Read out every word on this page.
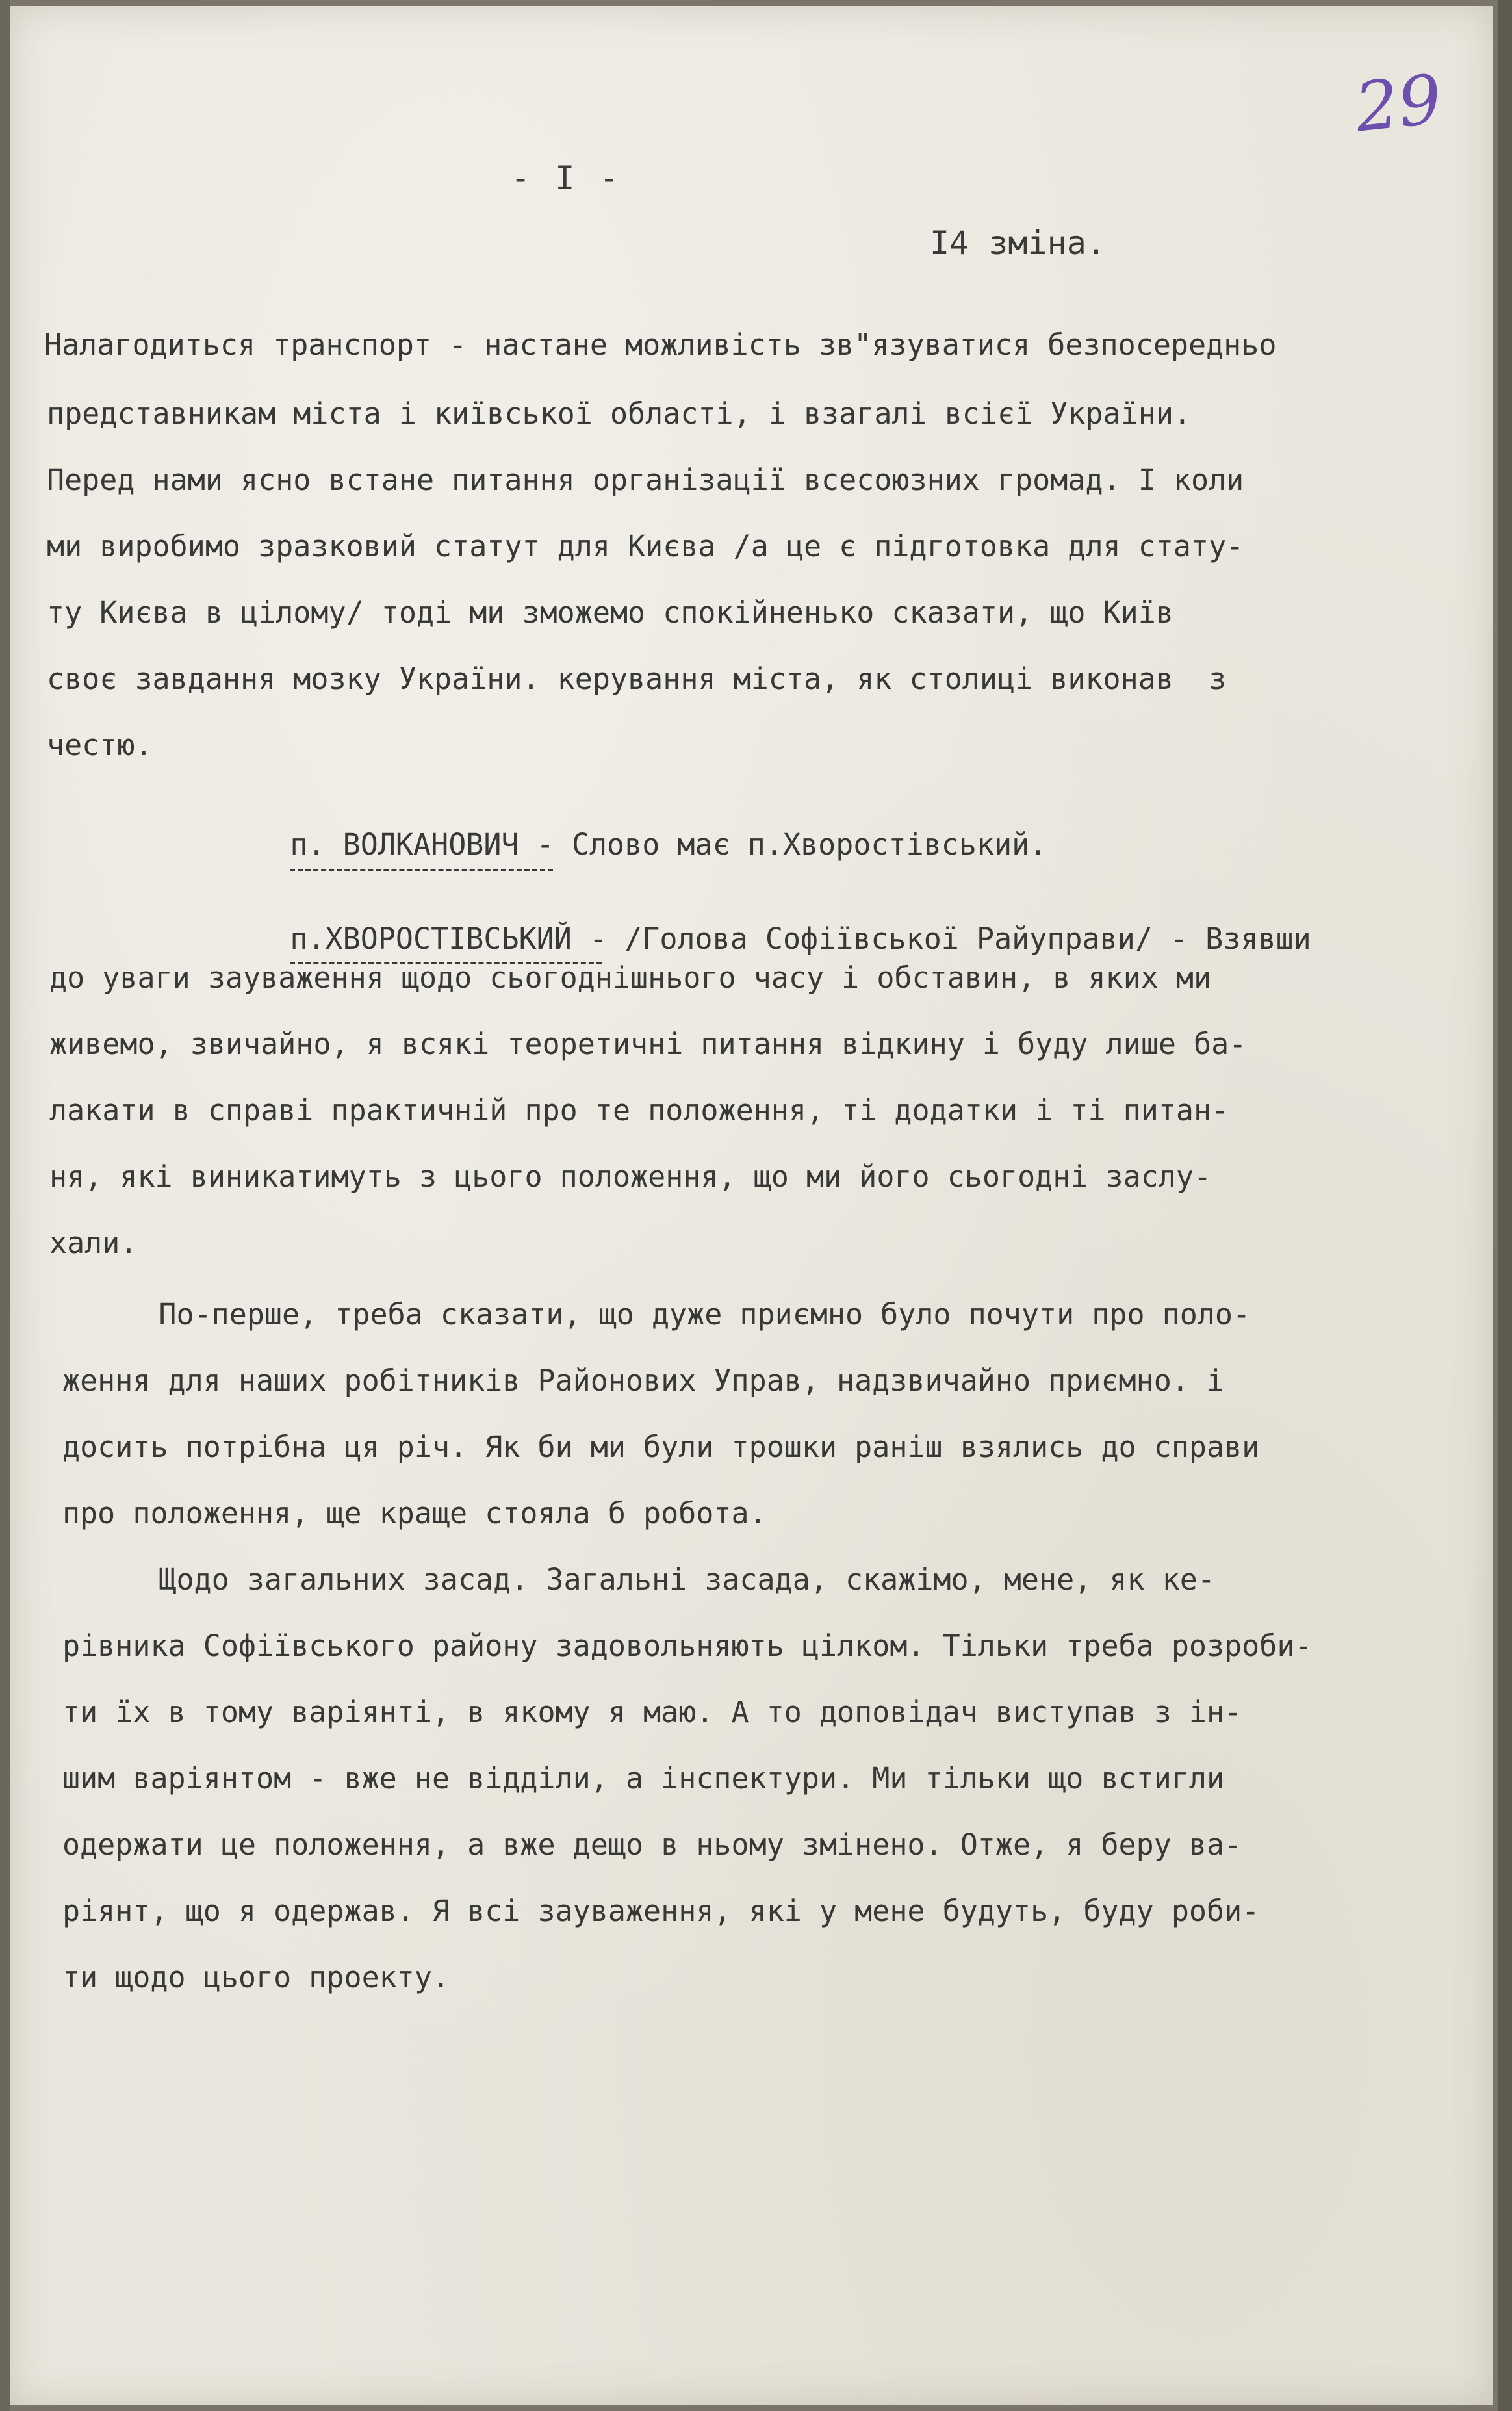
29
- I -
I4 зміна.
Налагодиться транспорт - настане можливість зв"язуватися безпосередньо
представникам міста і київської області, і взагалі всієї України.
Перед нами ясно встане питання організації всесоюзних громад. І коли
ми виробимо зразковий статут для Києва /а це є підготовка для стату-
ту Києва в цілому/ тоді ми зможемо спокійненько сказати, що Київ
своє завдання мозку України. керування міста, як столиці виконав  з
честю.

п. ВОЛКАНОВИЧ
- Слово має п.Хворостівський.

п.ХВОРОСТІВСЬКИЙ
- /Голова Софіївської Райуправи/ - Взявши

до уваги зауваження щодо сьогоднішнього часу і обставин, в яких ми
живемо, звичайно, я всякі теоретичні питання відкину і буду лише ба-
лакати в справі практичній про те положення, ті додатки і ті питан-
ня, які виникатимуть з цього положення, що ми його сьогодні заслу-
хали.
По-перше, треба сказати, що дуже приємно було почути про поло-
ження для наших робітників Районових Управ, надзвичайно приємно. і
досить потрібна ця річ. Як би ми були трошки раніш взялись до справи
про положення, ще краще стояла б робота.
Щодо загальних засад. Загальні засада, скажімо, мене, як ке-
рівника Софіївського району задовольняють цілком. Тільки треба розроби-
ти їх в тому варіянті, в якому я маю. А то доповідач виступав з ін-
шим варіянтом - вже не відділи, а інспектури. Ми тільки що встигли
одержати це положення, а вже дещо в ньому змінено. Отже, я беру ва-
ріянт, що я одержав. Я всі зауваження, які у мене будуть, буду роби-
ти щодо цього проекту.
